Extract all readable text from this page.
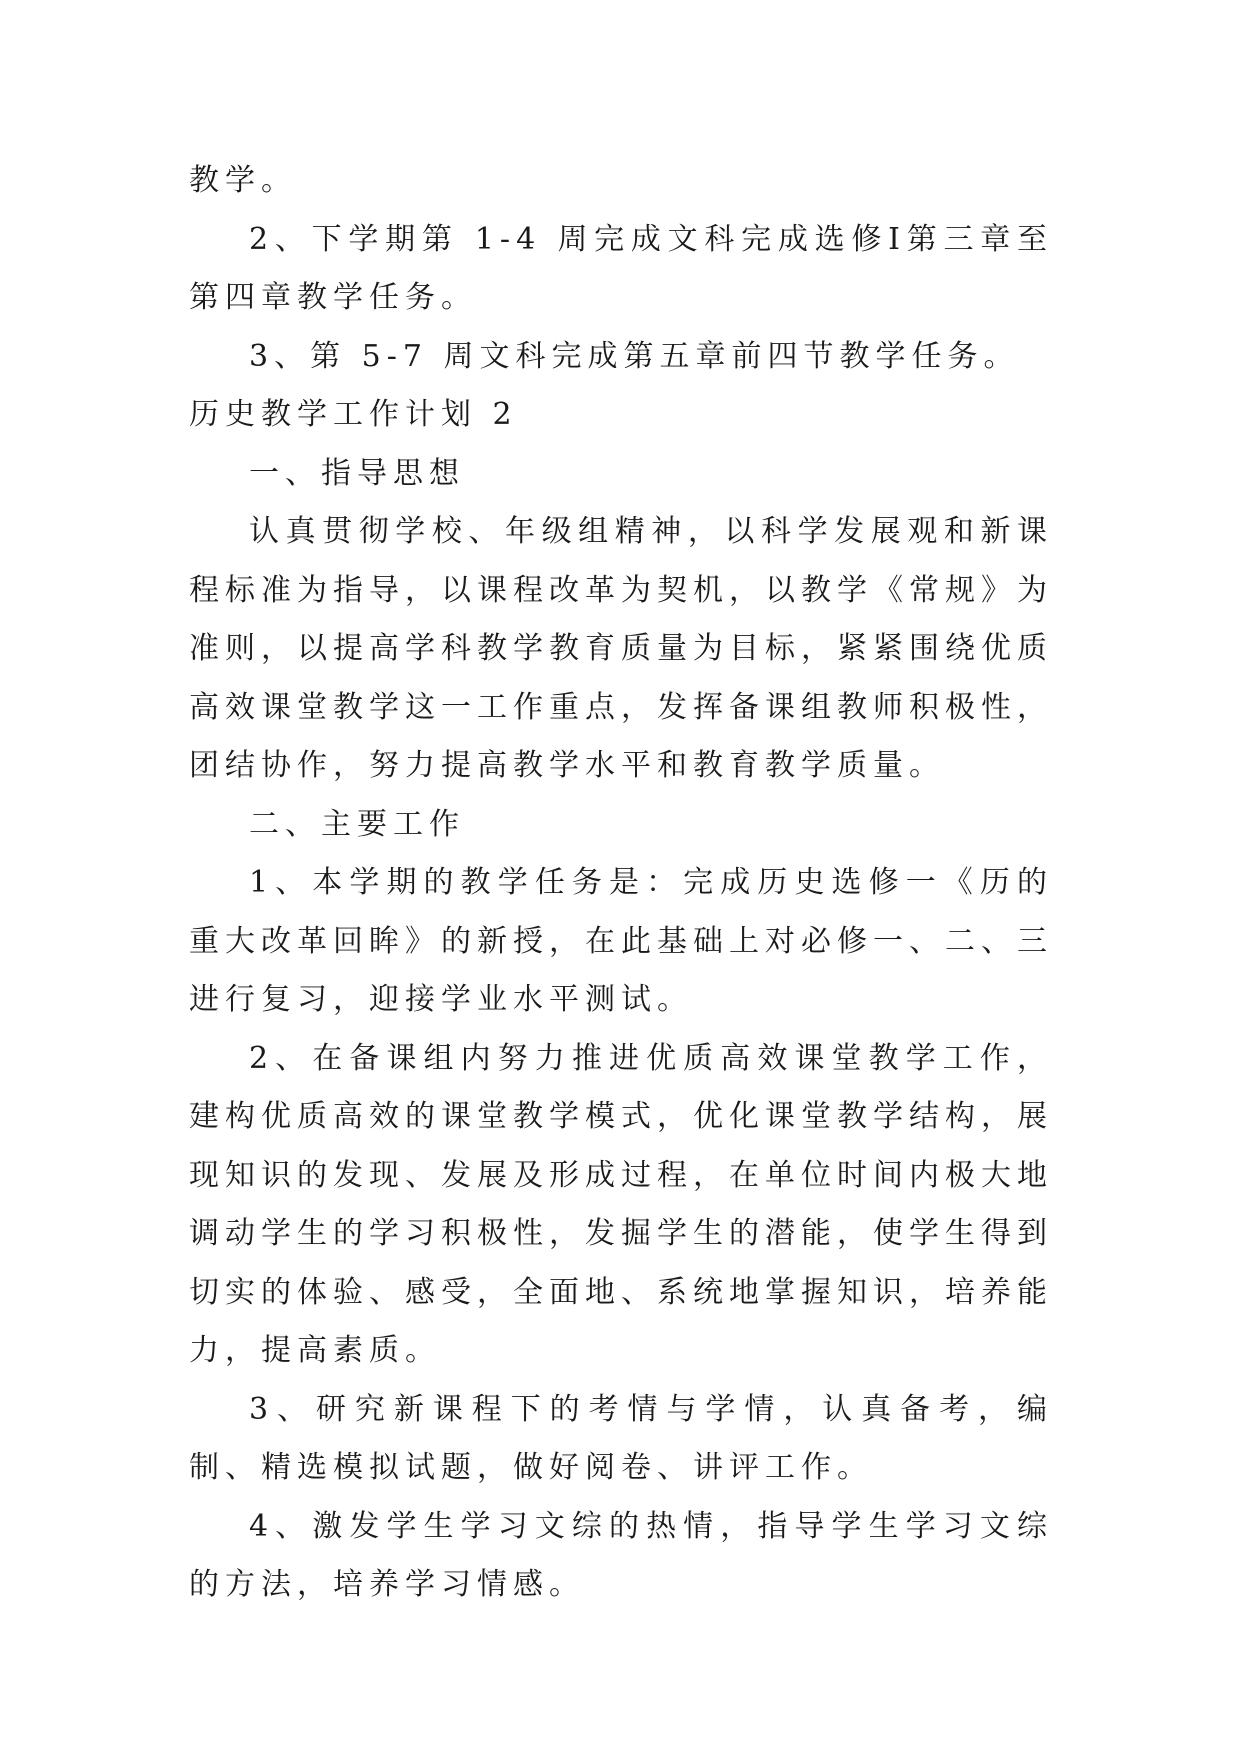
教学。

2、下学期第 1-4 周完成文科完成选修Ⅰ第三章至第四章教学任务。

3、第 5-7 周文科完成第五章前四节教学任务。

历史教学工作计划 2

一、指导思想

认真贯彻学校、年级组精神，以科学发展观和新课程标准为指导，以课程改革为契机，以教学《常规》为准则，以提高学科教学教育质量为目标，紧紧围绕优质高效课堂教学这一工作重点，发挥备课组教师积极性，团结协作，努力提高教学水平和教育教学质量。

二、主要工作

1、本学期的教学任务是：完成历史选修一《历的重大改革回眸》的新授，在此基础上对必修一、二、三进行复习，迎接学业水平测试。

2、在备课组内努力推进优质高效课堂教学工作，建构优质高效的课堂教学模式，优化课堂教学结构，展现知识的发现、发展及形成过程，在单位时间内极大地调动学生的学习积极性，发掘学生的潜能，使学生得到切实的体验、感受，全面地、系统地掌握知识，培养能力，提高素质。

3、研究新课程下的考情与学情，认真备考，编制、精选模拟试题，做好阅卷、讲评工作。

4、激发学生学习文综的热情，指导学生学习文综的方法，培养学习情感。
